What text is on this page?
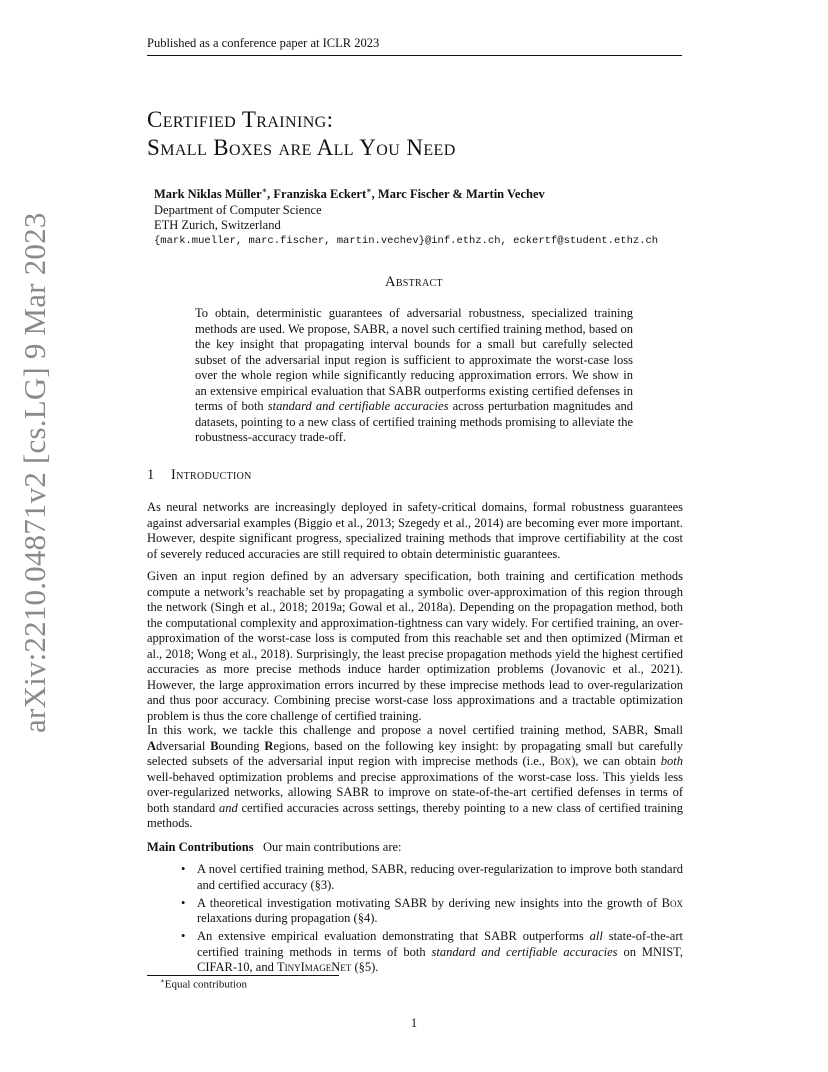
Published as a conference paper at ICLR 2023
Certified Training:
Small Boxes are All You Need
Mark Niklas Müller∗, Franziska Eckert∗, Marc Fischer & Martin Vechev
Department of Computer Science
ETH Zurich, Switzerland
{mark.mueller, marc.fischer, martin.vechev}@inf.ethz.ch, eckertf@student.ethz.ch
Abstract
To obtain, deterministic guarantees of adversarial robustness, specialized training methods are used. We propose, SABR, a novel such certified training method, based on the key insight that propagating interval bounds for a small but carefully selected subset of the adversarial input region is sufficient to approximate the worst-case loss over the whole region while significantly reducing approximation errors. We show in an extensive empirical evaluation that SABR outperforms existing certified defenses in terms of both standard and certifiable accuracies across perturbation magnitudes and datasets, pointing to a new class of certified training methods promising to alleviate the robustness-accuracy trade-off.
1 Introduction
As neural networks are increasingly deployed in safety-critical domains, formal robustness guarantees against adversarial examples (Biggio et al., 2013; Szegedy et al., 2014) are becoming ever more important. However, despite significant progress, specialized training methods that improve certifiability at the cost of severely reduced accuracies are still required to obtain deterministic guarantees.
Given an input region defined by an adversary specification, both training and certification methods compute a network’s reachable set by propagating a symbolic over-approximation of this region through the network (Singh et al., 2018; 2019a; Gowal et al., 2018a). Depending on the propagation method, both the computational complexity and approximation-tightness can vary widely. For certified training, an over-approximation of the worst-case loss is computed from this reachable set and then optimized (Mirman et al., 2018; Wong et al., 2018). Surprisingly, the least precise propagation methods yield the highest certified accuracies as more precise methods induce harder optimization problems (Jovanovic et al., 2021). However, the large approximation errors incurred by these imprecise methods lead to over-regularization and thus poor accuracy. Combining precise worst-case loss approximations and a tractable optimization problem is thus the core challenge of certified training.
In this work, we tackle this challenge and propose a novel certified training method, SABR, Small Adversarial Bounding Regions, based on the following key insight: by propagating small but carefully selected subsets of the adversarial input region with imprecise methods (i.e., Box), we can obtain both well-behaved optimization problems and precise approximations of the worst-case loss. This yields less over-regularized networks, allowing SABR to improve on state-of-the-art certified defenses in terms of both standard and certified accuracies across settings, thereby pointing to a new class of certified training methods.
Main Contributions Our main contributions are:
• A novel certified training method, SABR, reducing over-regularization to improve both standard and certified accuracy (§3).
• A theoretical investigation motivating SABR by deriving new insights into the growth of Box relaxations during propagation (§4).
• An extensive empirical evaluation demonstrating that SABR outperforms all state-of-the-art certified training methods in terms of both standard and certifiable accuracies on MNIST, CIFAR-10, and TinyImageNet (§5).
∗Equal contribution
1
arXiv:2210.04871v2 [cs.LG] 9 Mar 2023
